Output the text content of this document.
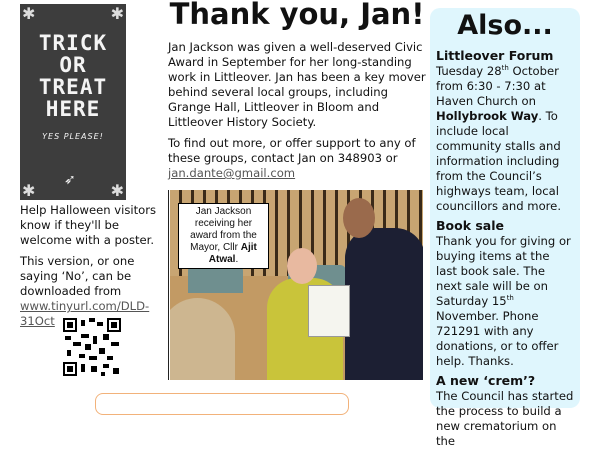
✱	✱
✱	✱
TRICK
OR
TREAT
HERE
YES PLEASE!
➶

Help Halloween visitors know if they'll be welcome with a poster.

This version, or one saying ‘No’, can be downloaded from
www.tinyurl.com/DLD-31Oct

Thank you, Jan!

Jan Jackson was given a well-deserved Civic Award in September for her long-standing work in Littleover. Jan has been a key mover behind several local groups, including Grange Hall, Littleover in Bloom and Littleover History Society.

To find out more, or offer support to any of these groups, contact Jan on 348903 or
jan.dante@gmail.com

Jan Jackson receiving her award from the Mayor, Cllr Ajit Atwal.
Also...
Littleover Forum

Tuesday 28th October from 6:30 - 7:30 at Haven Church on Hollybrook Way. To include local community stalls and information including from the Council’s highways team, local councillors and more.

Book sale

Thank you for giving or buying items at the last book sale. The next sale will be on Saturday 15th November. Phone 721291 with any donations, or to offer help. Thanks.

A new ‘crem’?

The Council has started the process to build a new crematorium on the
